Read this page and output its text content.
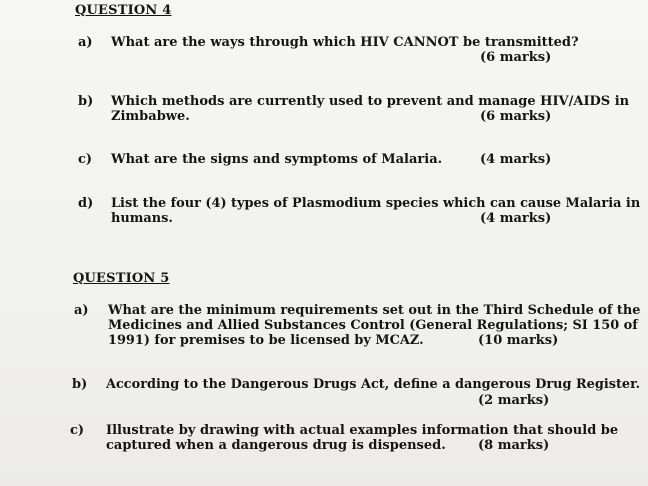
QUESTION 4
a) What are the ways through which HIV CANNOT be transmitted?
(6 marks)
b) Which methods are currently used to prevent and manage HIV/AIDS in
Zimbabwe.	(6 marks)
c) What are the signs and symptoms of Malaria.	(4 marks)
d) List the four (4) types of Plasmodium species which can cause Malaria in
humans.	(4 marks)
QUESTION 5
a) What are the minimum requirements set out in the Third Schedule of the
Medicines and Allied Substances Control (General Regulations; SI 150 of
1991) for premises to be licensed by MCAZ.	(10 marks)
b) According to the Dangerous Drugs Act, define a dangerous Drug Register.

(2 marks)
c) Illustrate by drawing with actual examples information that should be
captured when a dangerous drug is dispensed.	(8 marks)
